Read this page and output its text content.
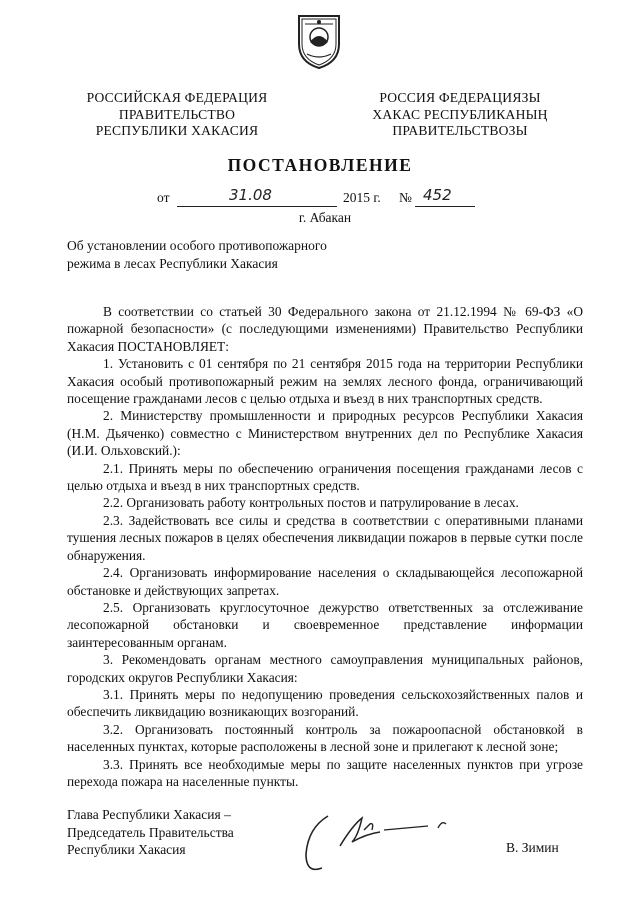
РОССИЙСКАЯ ФЕДЕРАЦИЯ
ПРАВИТЕЛЬСТВО
РЕСПУБЛИКИ ХАКАСИЯ
РОССИЯ ФЕДЕРАЦИЯЗЫ
ХАКАС РЕСПУБЛИКАНЫҢ
ПРАВИТЕЛЬСТВОЗЫ
ПОСТАНОВЛЕНИЕ
от	31.08	2015 г. № 452
г. Абакан
Об установлении особого противопожарного
режима в лесах Республики Хакасия

В соответствии со статьей 30 Федерального закона от 21.12.1994 № 69-ФЗ «О пожарной безопасности» (с последующими изменениями) Правительство Республики Хакасия ПОСТАНОВЛЯЕТ:

1. Установить с 01 сентября по 21 сентября 2015 года на территории Республики Хакасия особый противопожарный режим на землях лесного фонда, ограничивающий посещение гражданами лесов с целью отдыха и въезд в них транспортных средств.

2. Министерству промышленности и природных ресурсов Республики Хакасия (Н.М. Дьяченко) совместно с Министерством внутренних дел по Республике Хакасия (И.И. Ольховский.):

2.1. Принять меры по обеспечению ограничения посещения гражданами лесов с целью отдыха и въезд в них транспортных средств.

2.2. Организовать работу контрольных постов и патрулирование в лесах.

2.3. Задействовать все силы и средства в соответствии с оперативными планами тушения лесных пожаров в целях обеспечения ликвидации пожаров в первые сутки после обнаружения.

2.4. Организовать информирование населения о складывающейся лесопожарной обстановке и действующих запретах.

2.5. Организовать круглосуточное дежурство ответственных за отслеживание лесопожарной обстановки и своевременное представление информации заинтересованным органам.

3. Рекомендовать органам местного самоуправления муниципальных районов, городских округов Республики Хакасия:

3.1. Принять меры по недопущению проведения сельскохозяйственных палов и обеспечить ликвидацию возникающих возгораний.

3.2. Организовать постоянный контроль за пожароопасной обстановкой в населенных пунктах, которые расположены в лесной зоне и прилегают к лесной зоне;

3.3. Принять все необходимые меры по защите населенных пунктов при угрозе перехода пожара на населенные пункты.

Глава Республики Хакасия –
Председатель Правительства
Республики Хакасия	В. Зимин
